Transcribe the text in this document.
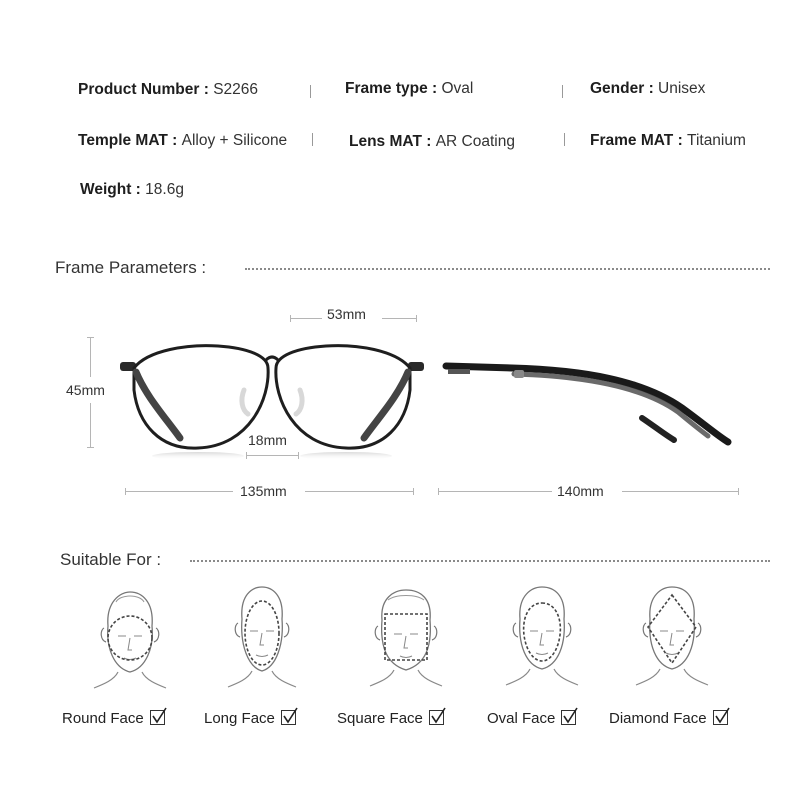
Product Number : S2266	Frame type : Oval	Gender : Unisex
Temple MAT : Alloy + Silicone	Lens MAT : AR Coating	Frame MAT : Titanium
Weight : 18.6g
Frame Parameters :
53mm
45mm
18mm
135mm	140mm
Suitable For :
Round Face	Long Face	Square Face	Oval Face	Diamond Face
